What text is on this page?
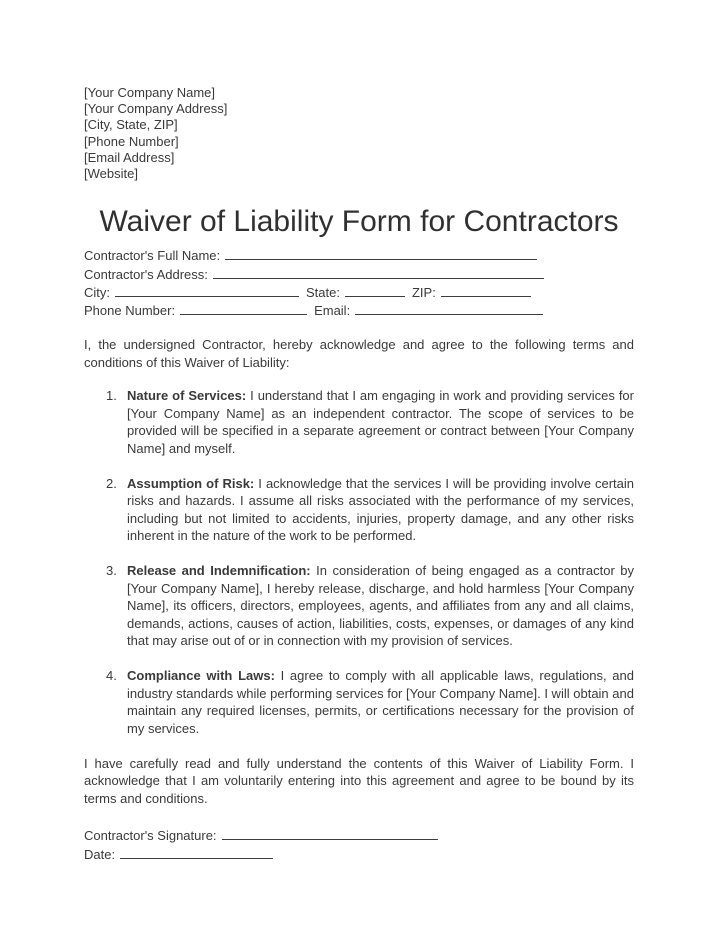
[Your Company Name]
[Your Company Address]
[City, State, ZIP]
[Phone Number]
[Email Address]
[Website]
Waiver of Liability Form for Contractors
Contractor's Full Name:
Contractor's Address:
City:	State:	ZIP:
Phone Number:	Email:

I, the undersigned Contractor, hereby acknowledge and agree to the following terms and conditions of this Waiver of Liability:

1. Nature of Services: I understand that I am engaging in work and providing services for [Your Company Name] as an independent contractor. The scope of services to be provided will be specified in a separate agreement or contract between [Your Company Name] and myself.
2. Assumption of Risk: I acknowledge that the services I will be providing involve certain risks and hazards. I assume all risks associated with the performance of my services, including but not limited to accidents, injuries, property damage, and any other risks inherent in the nature of the work to be performed.
3. Release and Indemnification: In consideration of being engaged as a contractor by [Your Company Name], I hereby release, discharge, and hold harmless [Your Company Name], its officers, directors, employees, agents, and affiliates from any and all claims, demands, actions, causes of action, liabilities, costs, expenses, or damages of any kind that may arise out of or in connection with my provision of services.
4. Compliance with Laws: I agree to comply with all applicable laws, regulations, and industry standards while performing services for [Your Company Name]. I will obtain and maintain any required licenses, permits, or certifications necessary for the provision of my services.

I have carefully read and fully understand the contents of this Waiver of Liability Form. I acknowledge that I am voluntarily entering into this agreement and agree to be bound by its terms and conditions.

Contractor's Signature:
Date:
